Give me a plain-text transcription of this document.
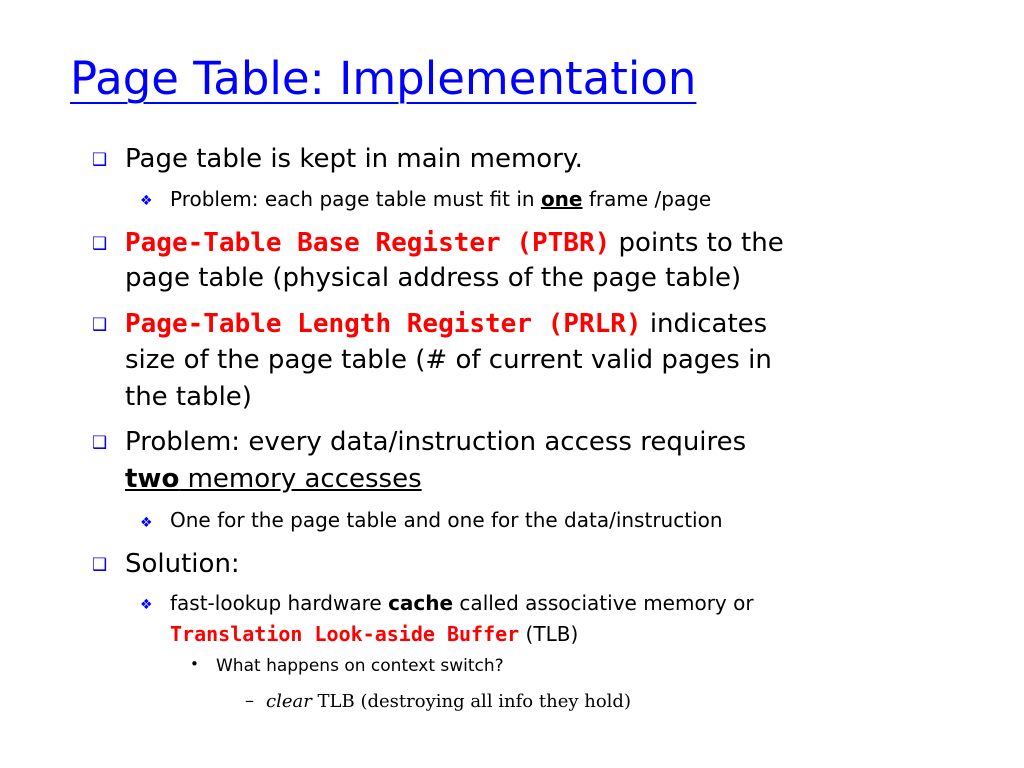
Page Table: Implementation
❑ Page table is kept in main memory.
❖ Problem: each page table must fit in one frame /page
❑ Page-Table Base Register (PTBR) points to the
page table (physical address of the page table)
❑ Page-Table Length Register (PRLR) indicates
size of the page table (# of current valid pages in
the table)
❑ Problem: every data/instruction access requires
two memory accesses
❖ One for the page table and one for the data/instruction
❑ Solution:
❖ fast-lookup hardware cache called associative memory or
Translation Look-aside Buffer (TLB)
• What happens on context switch?
– clear TLB (destroying all info they hold)
